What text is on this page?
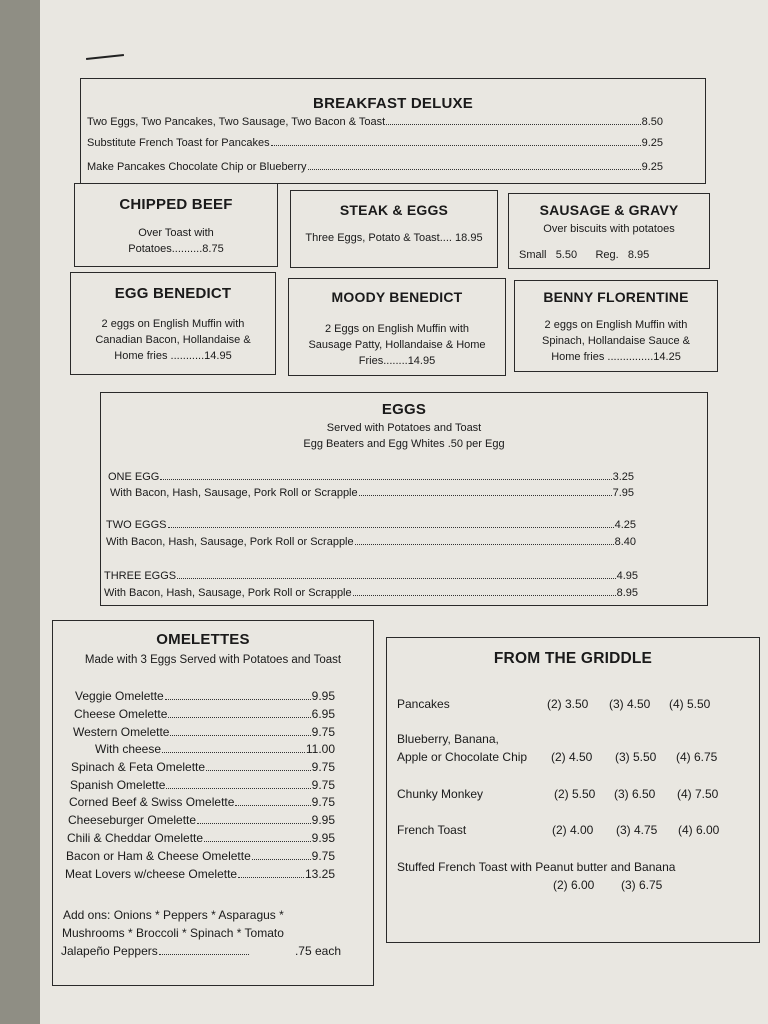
BREAKFAST DELUXE
Two Eggs, Two Pancakes, Two Sausage, Two Bacon & Toast	8.50
Substitute French Toast for Pancakes	9.25
Make Pancakes Chocolate Chip or Blueberry	9.25
CHIPPED BEEF
Over Toast with
Potatoes..........8.75
STEAK & EGGS
Three Eggs, Potato & Toast.... 18.95
SAUSAGE & GRAVY
Over biscuits with potatoes
Small 5.50 Reg. 8.95
EGG BENEDICT
2 eggs on English Muffin with
Canadian Bacon, Hollandaise &
Home fries ...........14.95
MOODY BENEDICT
2 Eggs on English Muffin with
Sausage Patty, Hollandaise & Home
Fries........14.95
BENNY FLORENTINE
2 eggs on English Muffin with
Spinach, Hollandaise Sauce &
Home fries ...............14.25
EGGS
Served with Potatoes and Toast
Egg Beaters and Egg Whites .50 per Egg
ONE EGG	3.25
With Bacon, Hash, Sausage, Pork Roll or Scrapple	7.95
TWO EGGS	4.25
With Bacon, Hash, Sausage, Pork Roll or Scrapple	8.40
THREE EGGS	4.95
With Bacon, Hash, Sausage, Pork Roll or Scrapple	8.95
OMELETTES
Made with 3 Eggs Served with Potatoes and Toast
Veggie Omelette	9.95
Cheese Omelette	6.95
Western Omelette	9.75
With cheese	11.00
Spinach & Feta Omelette	9.75
Spanish Omelette	9.75
Corned Beef & Swiss Omelette	9.75
Cheeseburger Omelette	9.95
Chili & Cheddar Omelette	9.95
Bacon or Ham & Cheese Omelette	9.75
Meat Lovers w/cheese Omelette	13.25
Add ons: Onions * Peppers * Asparagus *
Mushrooms * Broccoli * Spinach * Tomato
Jalapeño Peppers	.75 each
FROM THE GRIDDLE
Pancakes	(2) 3.50 (3) 4.50 (4) 5.50
Blueberry, Banana,
Apple or Chocolate Chip (2) 4.50 (3) 5.50 (4) 6.75
Chunky Monkey	(2) 5.50 (3) 6.50 (4) 7.50
French Toast	(2) 4.00 (3) 4.75 (4) 6.00
Stuffed French Toast with Peanut butter and Banana
(2) 6.00 (3) 6.75
